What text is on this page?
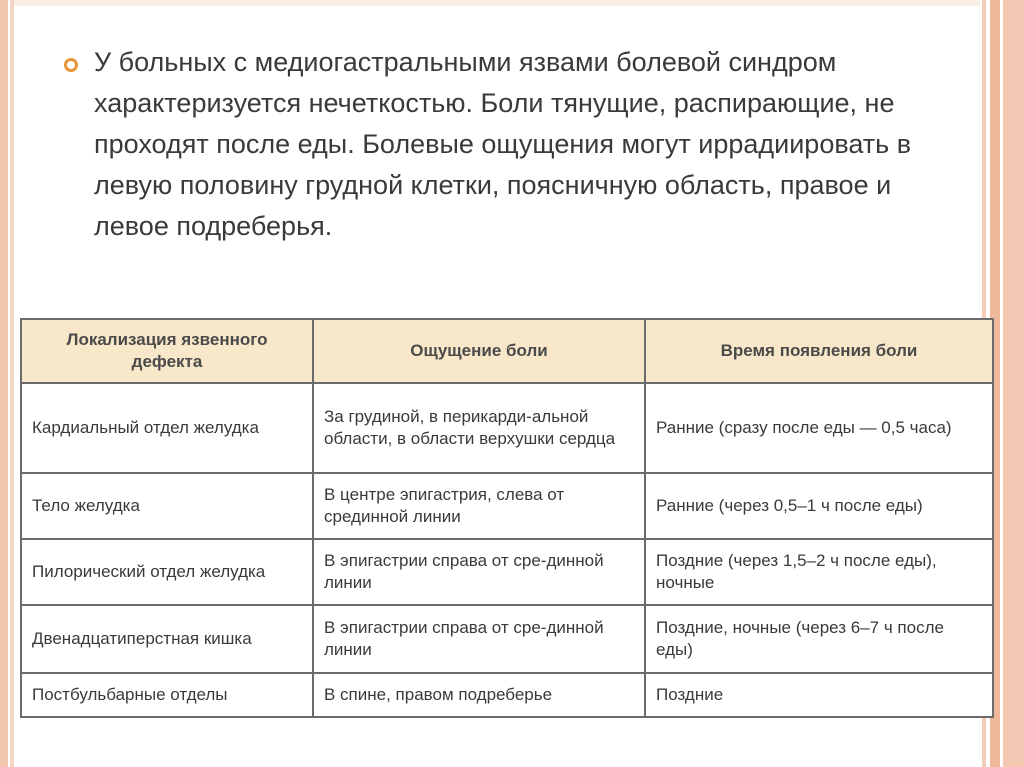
У больных с медиогастральными язвами болевой синдром характеризуется нечеткостью. Боли тянущие, распирающие, не проходят после еды. Болевые ощущения могут иррадиировать в левую половину грудной клетки, поясничную область, правое и левое подреберья.
Локализация язвенного дефекта	Ощущение боли	Время появления боли
Кардиальный отдел желудка	За грудиной, в перикарди-альной области, в области верхушки сердца	Ранние (сразу после еды — 0,5 часа)
Тело желудка	В центре эпигастрия, слева от срединной линии	Ранние (через 0,5–1 ч после еды)
Пилорический отдел желудка	В эпигастрии справа от сре-динной линии	Поздние (через 1,5–2 ч после еды), ночные
Двенадцатиперстная кишка	В эпигастрии справа от сре-динной линии	Поздние, ночные (через 6–7 ч после еды)
Постбульбарные отделы	В спине, правом подреберье	Поздние
